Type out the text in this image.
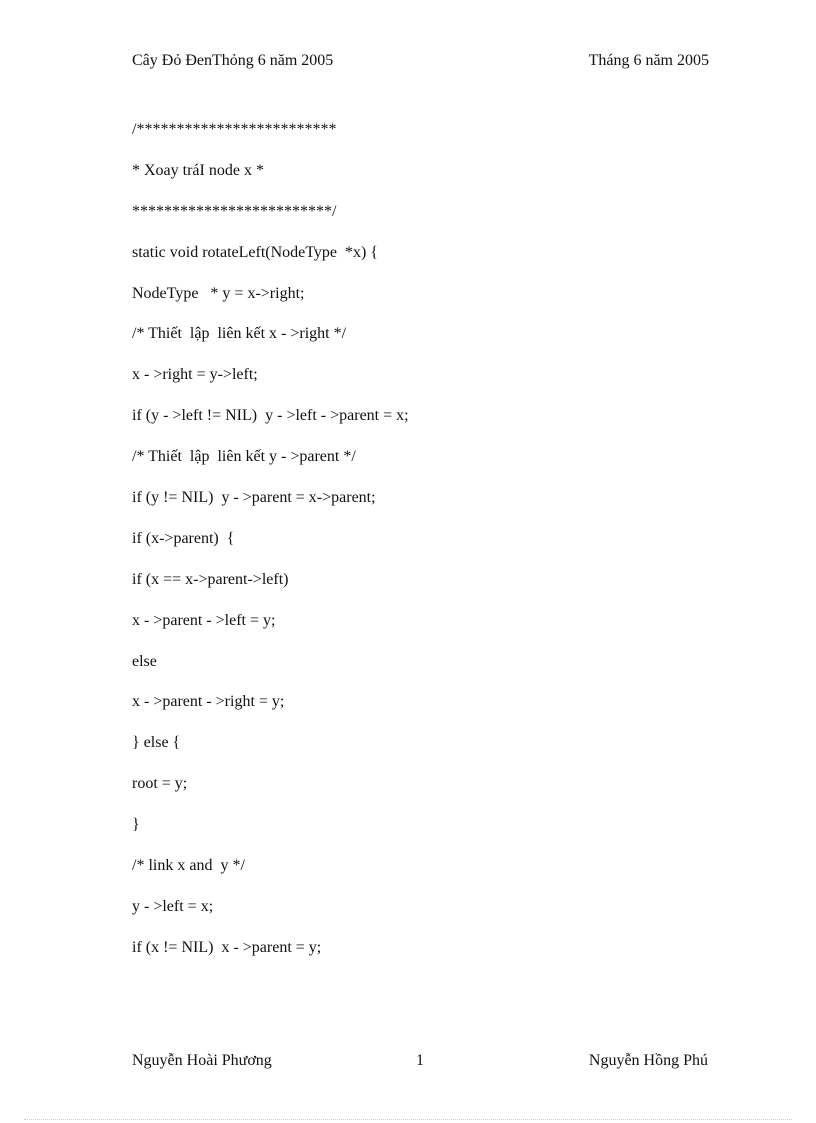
Cây Đỏ ĐenThỏng 6 năm 2005	Tháng 6 năm 2005
/*************************
* Xoay tráI node x *
*************************/
static void rotateLeft(NodeType  *x) {
NodeType   * y = x->right;
/* Thiết  lập  liên kết x - >right */
x - >right = y->left;
if (y - >left != NIL)  y - >left - >parent = x;
/* Thiết  lập  liên kết y - >parent */
if (y != NIL)  y - >parent = x->parent;
if (x->parent)  {
if (x == x->parent->left)
x - >parent - >left = y;
else
x - >parent - >right = y;
} else {
root = y;
}
/* link x and  y */
y - >left = x;
if (x != NIL)  x - >parent = y;
Nguyễn Hoài Phương	1	Nguyễn Hồng Phú
